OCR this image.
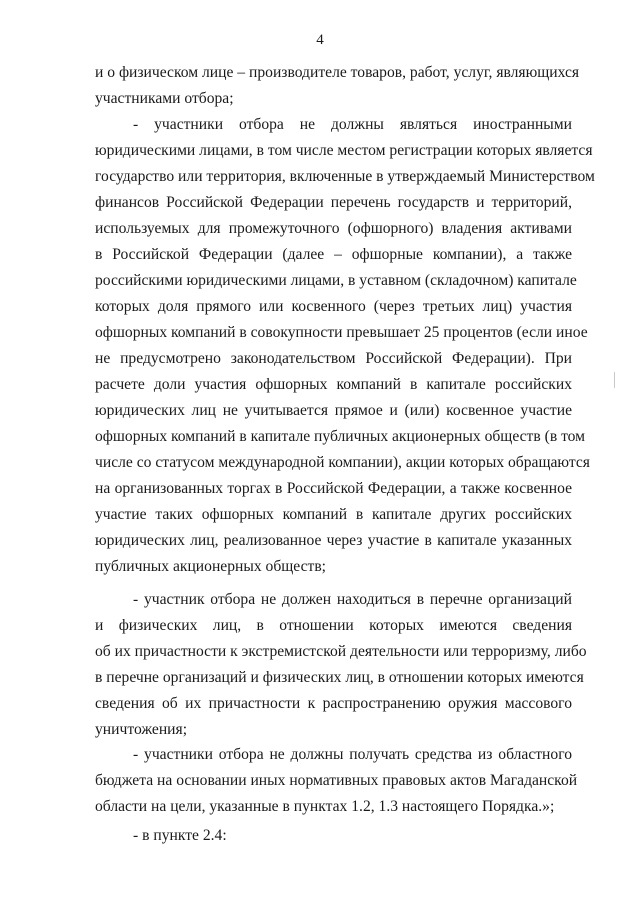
4
и о физическом лице – производителе товаров, работ, услуг, являющихся
участниками отбора;
- участники отбора не должны являться иностранными
юридическими лицами, в том числе местом регистрации которых является
государство или территория, включенные в утверждаемый Министерством
финансов Российской Федерации перечень государств и территорий,
используемых для промежуточного (офшорного) владения активами
в Российской Федерации (далее – офшорные компании), а также
российскими юридическими лицами, в уставном (складочном) капитале
которых доля прямого или косвенного (через третьих лиц) участия
офшорных компаний в совокупности превышает 25 процентов (если иное
не предусмотрено законодательством Российской Федерации). При
расчете доли участия офшорных компаний в капитале российских
юридических лиц не учитывается прямое и (или) косвенное участие
офшорных компаний в капитале публичных акционерных обществ (в том
числе со статусом международной компании), акции которых обращаются
на организованных торгах в Российской Федерации, а также косвенное
участие таких офшорных компаний в капитале других российских
юридических лиц, реализованное через участие в капитале указанных
публичных акционерных обществ;
- участник отбора не должен находиться в перечне организаций
и физических лиц, в отношении которых имеются сведения
об их причастности к экстремистской деятельности или терроризму, либо
в перечне организаций и физических лиц, в отношении которых имеются
сведения об их причастности к распространению оружия массового
уничтожения;
- участники отбора не должны получать средства из областного
бюджета на основании иных нормативных правовых актов Магаданской
области на цели, указанные в пунктах 1.2, 1.3 настоящего Порядка.»;
- в пункте 2.4:
